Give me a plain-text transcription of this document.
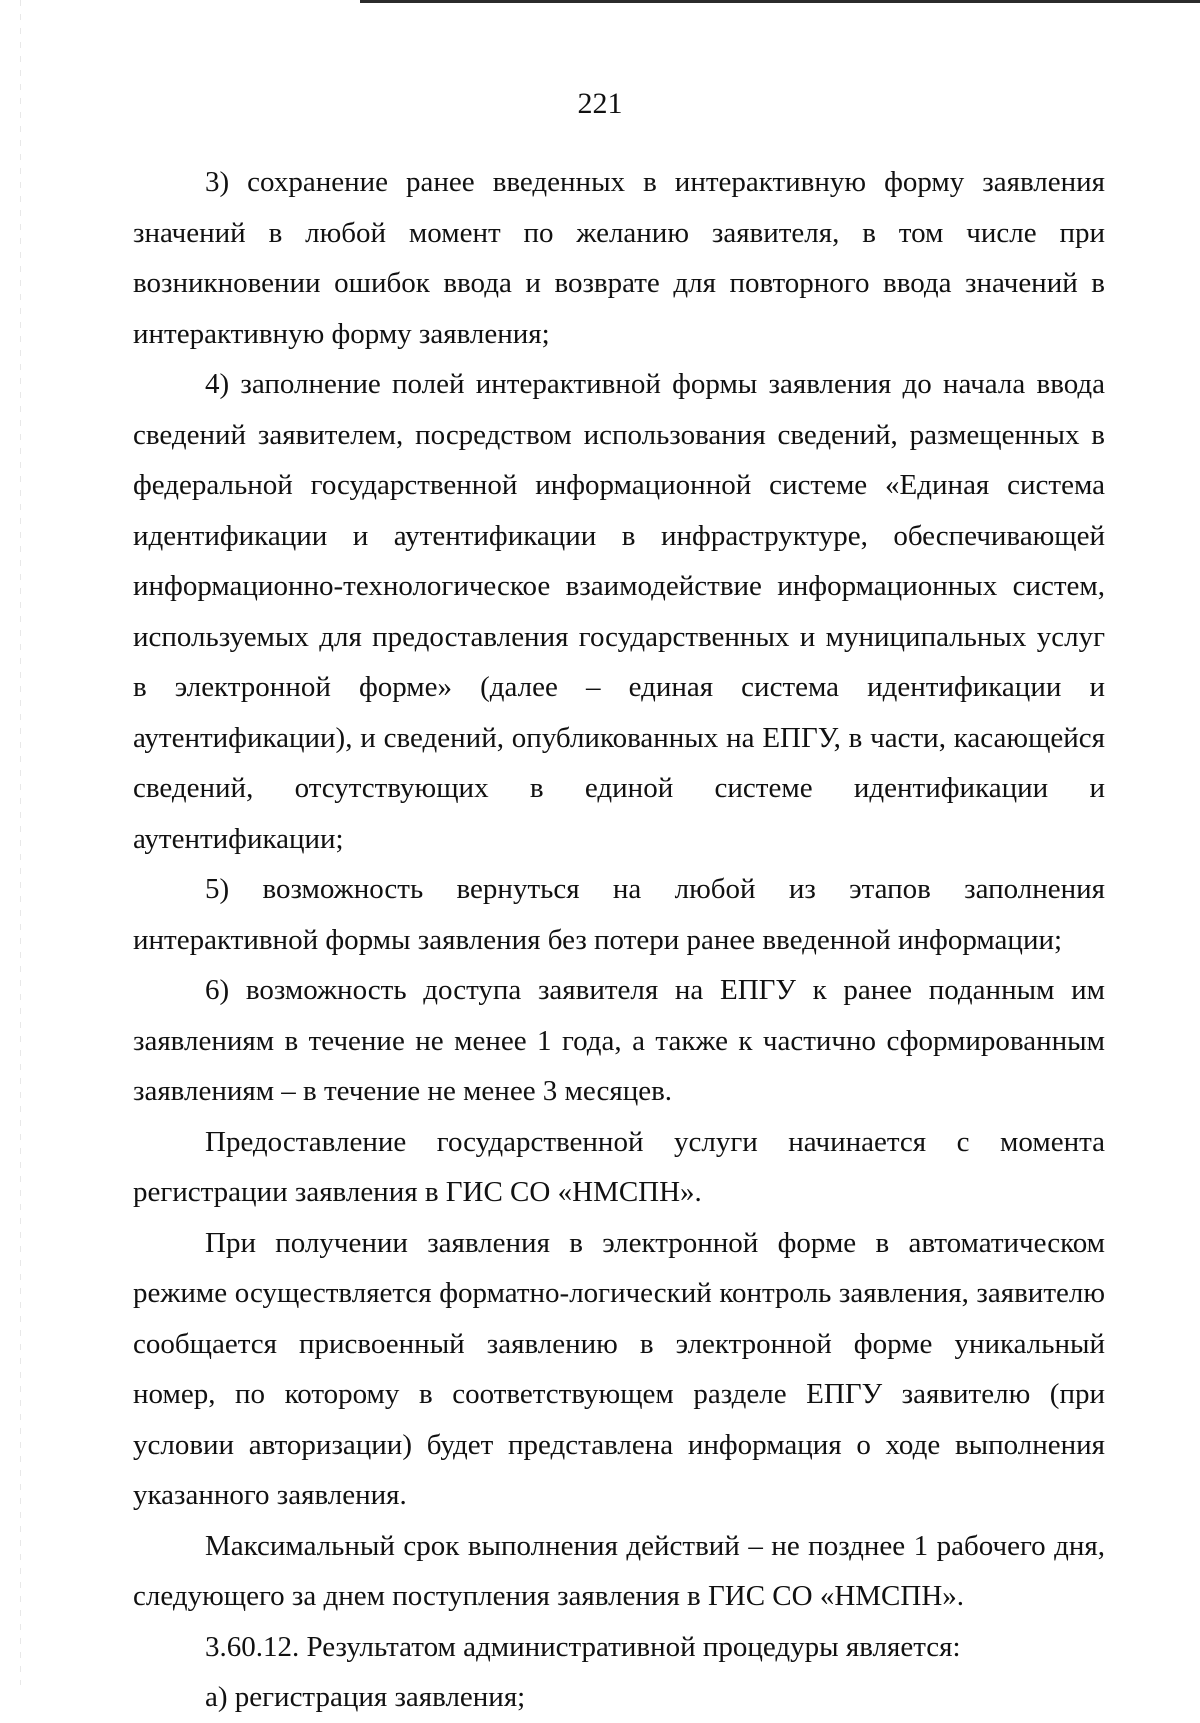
221

3) сохранение ранее введенных в интерактивную форму заявления значений в любой момент по желанию заявителя, в том числе при возникновении ошибок ввода и возврате для повторного ввода значений в интерактивную форму заявления;

4) заполнение полей интерактивной формы заявления до начала ввода сведений заявителем, посредством использования сведений, размещенных в федеральной государственной информационной системе «Единая система идентификации и аутентификации в инфраструктуре, обеспечивающей информационно-технологическое взаимодействие информационных систем, используемых для предоставления государственных и муниципальных услуг в электронной форме» (далее – единая система идентификации и аутентификации), и сведений, опубликованных на ЕПГУ, в части, касающейся сведений, отсутствующих в единой системе идентификации и аутентификации;

5) возможность вернуться на любой из этапов заполнения интерактивной формы заявления без потери ранее введенной информации;

6) возможность доступа заявителя на ЕПГУ к ранее поданным им заявлениям в течение не менее 1 года, а также к частично сформированным заявлениям – в течение не менее 3 месяцев.

Предоставление государственной услуги начинается с момента регистрации заявления в ГИС СО «НМСПН».

При получении заявления в электронной форме в автоматическом режиме осуществляется форматно-логический контроль заявления, заявителю сообщается присвоенный заявлению в электронной форме уникальный номер, по которому в соответствующем разделе ЕПГУ заявителю (при условии авторизации) будет представлена информация о ходе выполнения указанного заявления.

Максимальный срок выполнения действий – не позднее 1 рабочего дня, следующего за днем поступления заявления в ГИС СО «НМСПН».

3.60.12. Результатом административной процедуры является:

а) регистрация заявления;
